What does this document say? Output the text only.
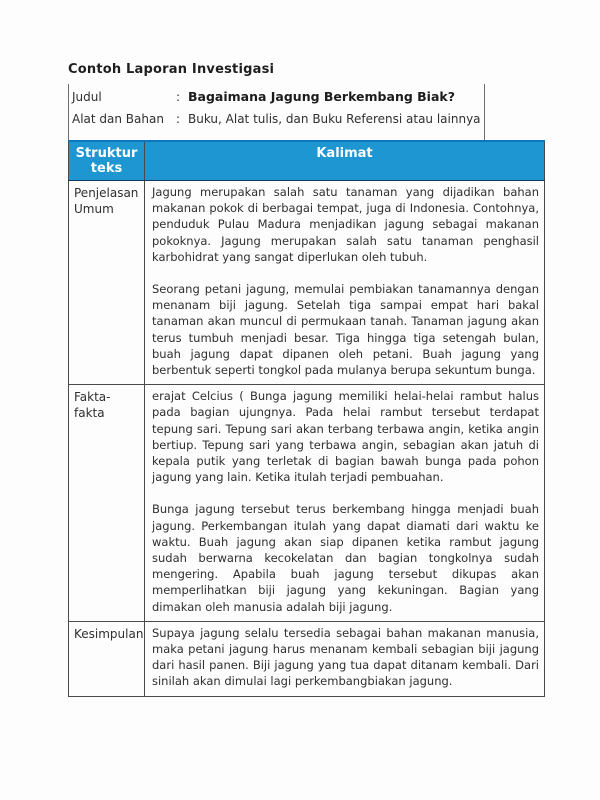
Contoh Laporan Investigasi
Judul	: Bagaimana Jagung Berkembang Biak?
Alat dan Bahan	: Buku, Alat tulis, dan Buku Referensi atau lainnya
Struktur teks	Kalimat
Penjelasan Umum	Jagung merupakan salah satu tanaman yang dijadikan bahan makanan pokok di berbagai tempat, juga di Indonesia. Contohnya, penduduk Pulau Madura menjadikan jagung sebagai makanan pokoknya. Jagung merupakan salah satu tanaman penghasil karbohidrat yang sangat diperlukan oleh tubuh.

Seorang petani jagung, memulai pembiakan tanamannya dengan menanam biji jagung. Setelah tiga sampai empat hari bakal tanaman akan muncul di permukaan tanah. Tanaman jagung akan terus tumbuh menjadi besar. Tiga hingga tiga setengah bulan, buah jagung dapat dipanen oleh petani. Buah jagung yang berbentuk seperti tongkol pada mulanya berupa sekuntum bunga.

Fakta-fakta	erajat Celcius ( Bunga jagung memiliki helai-helai rambut halus pada bagian ujungnya. Pada helai rambut tersebut terdapat tepung sari. Tepung sari akan terbang terbawa angin, ketika angin bertiup. Tepung sari yang terbawa angin, sebagian akan jatuh di kepala putik yang terletak di bagian bawah bunga pada pohon jagung yang lain. Ketika itulah terjadi pembuahan.

Bunga jagung tersebut terus berkembang hingga menjadi buah jagung. Perkembangan itulah yang dapat diamati dari waktu ke waktu. Buah jagung akan siap dipanen ketika rambut jagung sudah berwarna kecokelatan dan bagian tongkolnya sudah mengering. Apabila buah jagung tersebut dikupas akan memperlihatkan biji jagung yang kekuningan. Bagian yang dimakan oleh manusia adalah biji jagung.

Kesimpulan	Supaya jagung selalu tersedia sebagai bahan makanan manusia, maka petani jagung harus menanam kembali sebagian biji jagung dari hasil panen. Biji jagung yang tua dapat ditanam kembali. Dari sinilah akan dimulai lagi perkembangbiakan jagung.
